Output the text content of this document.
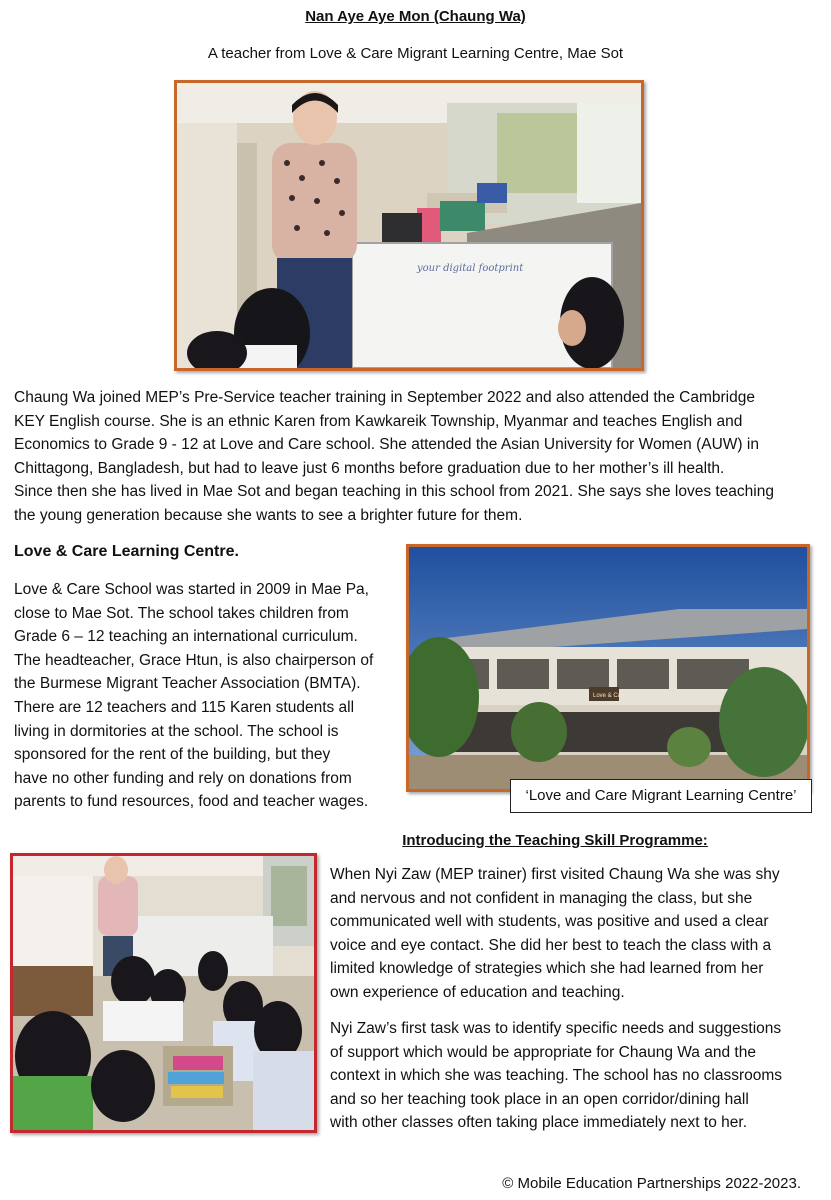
Nan Aye Aye Mon (Chaung Wa)
A teacher from Love & Care Migrant Learning Centre, Mae Sot
your digital footprint

Chaung Wa joined MEP’s Pre-Service teacher training in September 2022 and also attended the Cambridge

KEY English course. She is an ethnic Karen from Kawkareik Township, Myanmar and teaches English and

Economics to Grade 9 - 12 at Love and Care school. She attended the Asian University for Women (AUW) in

Chittagong, Bangladesh, but had to leave just 6 months before graduation due to her mother’s ill health.

Since then she has lived in Mae Sot and began teaching in this school from 2021. She says she loves teaching

the young generation because she wants to see a brighter future for them.

Love & Care Learning Centre.

Love & Care School was started in 2009 in Mae Pa,

close to Mae Sot. The school takes children from

Grade 6 – 12 teaching an international curriculum.

The headteacher, Grace Htun, is also chairperson of

the Burmese Migrant Teacher Association (BMTA).

There are 12 teachers and 115 Karen students all

living in dormitories at the school. The school is

sponsored for the rent of the building, but they

have no other funding and rely on donations from

parents to fund resources, food and teacher wages.

Love & Care
‘Love and Care Migrant Learning Centre’
Introducing the Teaching Skill Programme:

When Nyi Zaw (MEP trainer) first visited Chaung Wa she was shy

and nervous and not confident in managing the class, but she

communicated well with students, was positive and used a clear

voice and eye contact. She did her best to teach the class with a

limited knowledge of strategies which she had learned from her

own experience of education and teaching.

Nyi Zaw’s first task was to identify specific needs and suggestions

of support which would be appropriate for Chaung Wa and the

context in which she was teaching. The school has no classrooms

and so her teaching took place in an open corridor/dining hall

with other classes often taking place immediately next to her.

© Mobile Education Partnerships 2022-2023.
